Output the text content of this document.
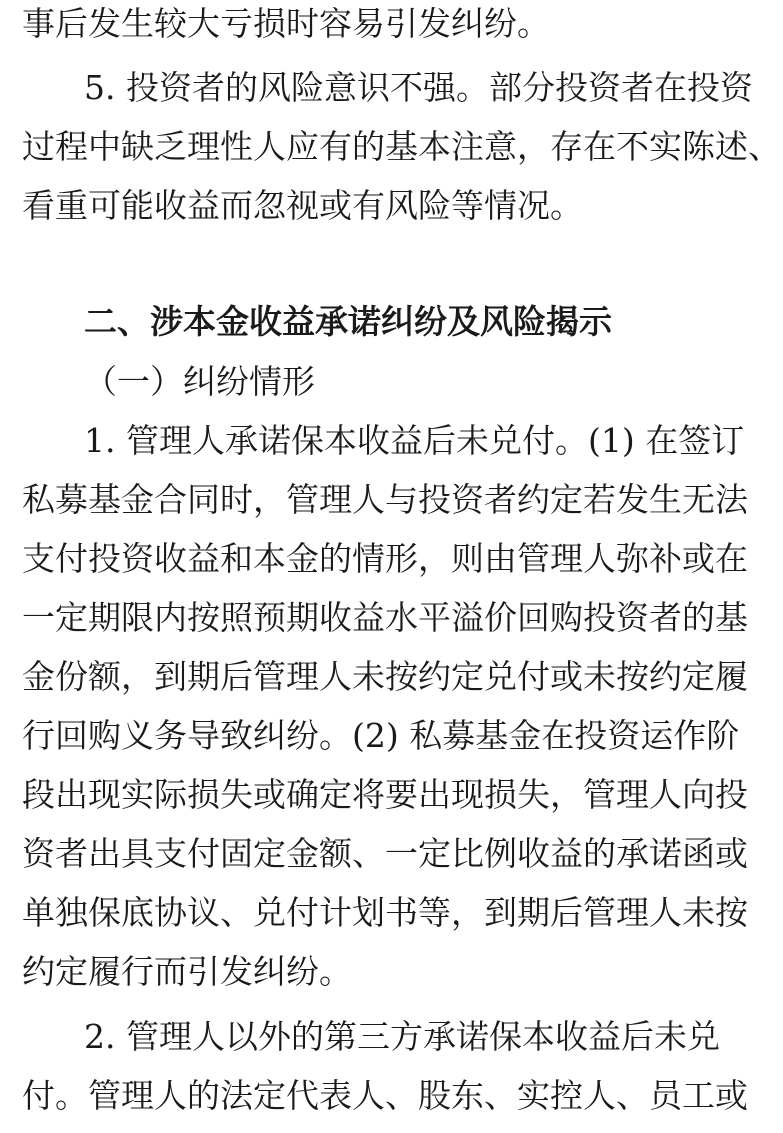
事后发生较大亏损时容易引发纠纷。
5. 投资者的风险意识不强。部分投资者在投资
过程中缺乏理性人应有的基本注意，存在不实陈述、
看重可能收益而忽视或有风险等情况。
二、涉本金收益承诺纠纷及风险揭示
（一）纠纷情形
1. 管理人承诺保本收益后未兑付。(1) 在签订
私募基金合同时，管理人与投资者约定若发生无法
支付投资收益和本金的情形，则由管理人弥补或在
一定期限内按照预期收益水平溢价回购投资者的基
金份额，到期后管理人未按约定兑付或未按约定履
行回购义务导致纠纷。(2) 私募基金在投资运作阶
段出现实际损失或确定将要出现损失，管理人向投
资者出具支付固定金额、一定比例收益的承诺函或
单独保底协议、兑付计划书等，到期后管理人未按
约定履行而引发纠纷。
2. 管理人以外的第三方承诺保本收益后未兑
付。管理人的法定代表人、股东、实控人、员工或
